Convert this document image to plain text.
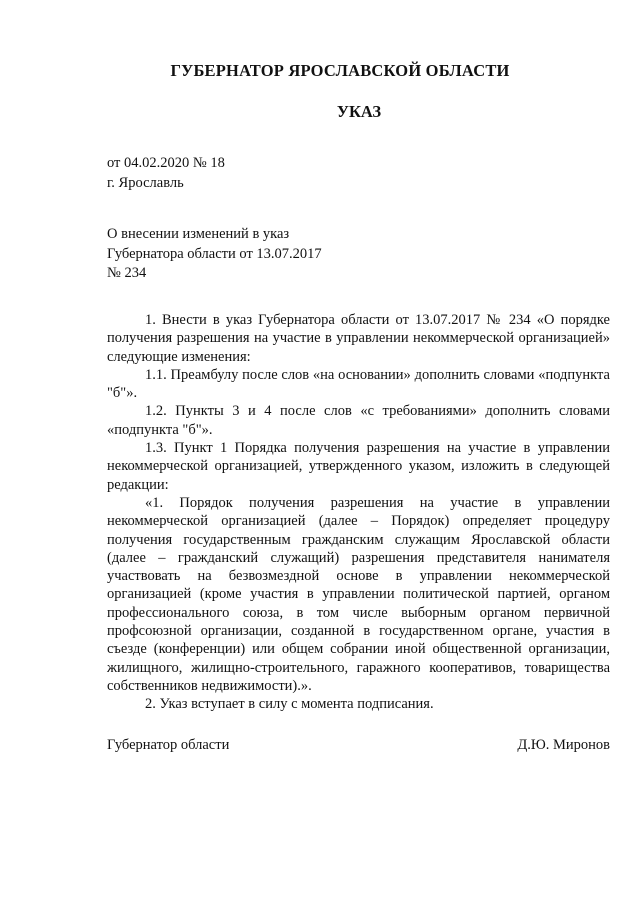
ГУБЕРНАТОР ЯРОСЛАВСКОЙ ОБЛАСТИ
УКАЗ
от 04.02.2020 № 18
г. Ярославль
О внесении изменений в указ
Губернатора области от 13.07.2017
№ 234

1. Внести в указ Губернатора области от 13.07.2017 № 234 «О порядке получения разрешения на участие в управлении некоммерческой организацией» следующие изменения:

1.1. Преамбулу после слов «на основании» дополнить словами «подпункта "б"».

1.2. Пункты 3 и 4 после слов «с требованиями» дополнить словами «подпункта "б"».

1.3. Пункт 1 Порядка получения разрешения на участие в управлении некоммерческой организацией, утвержденного указом, изложить в следующей редакции:

«1. Порядок получения разрешения на участие в управлении некоммерческой организацией (далее – Порядок) определяет процедуру получения государственным гражданским служащим Ярославской области (далее – гражданский служащий) разрешения представителя нанимателя участвовать на безвозмездной основе в управлении некоммерческой организацией (кроме участия в управлении политической партией, органом профессионального союза, в том числе выборным органом первичной профсоюзной организации, созданной в государственном органе, участия в съезде (конференции) или общем собрании иной общественной организации, жилищного, жилищно-строительного, гаражного кооперативов, товарищества собственников недвижимости).».

2. Указ вступает в силу с момента подписания.

Губернатор области	Д.Ю. Миронов
